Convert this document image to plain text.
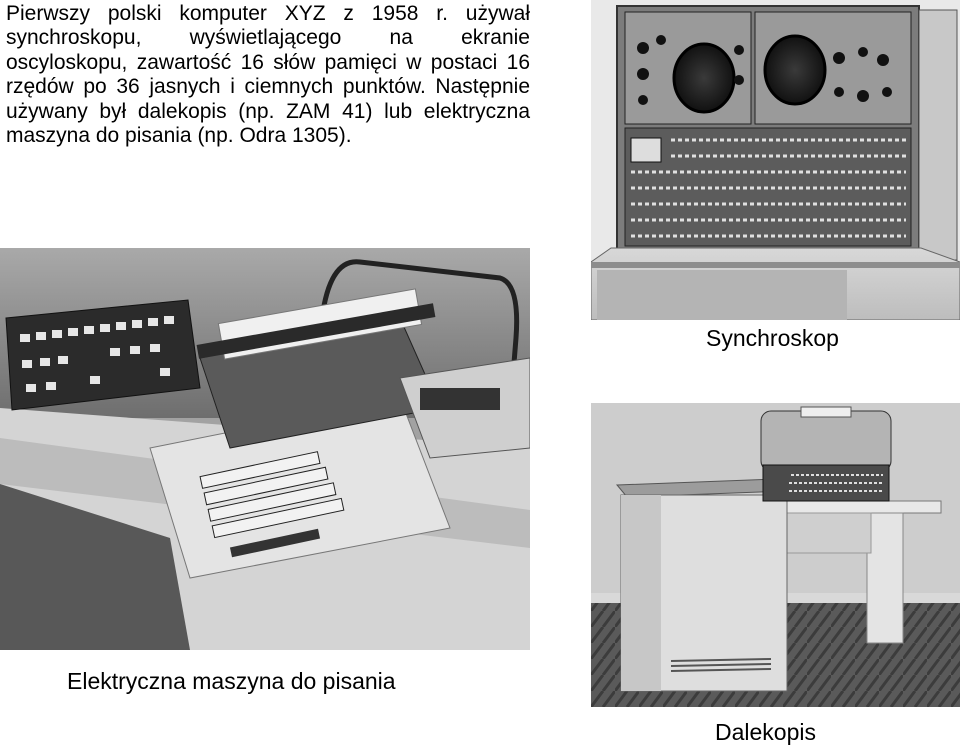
Pierwszy polski komputer XYZ z 1958 r. używał synchroskopu, wyświetlającego na ekranie oscyloskopu, zawartość 16 słów pamięci w postaci 16 rzędów po 36 jasnych i ciemnych punktów. Następnie używany był dalekopis (np. ZAM 41) lub elektryczna maszyna do pisania (np. Odra 1305).

Synchroskop

Elektryczna maszyna do pisania

Dalekopis
